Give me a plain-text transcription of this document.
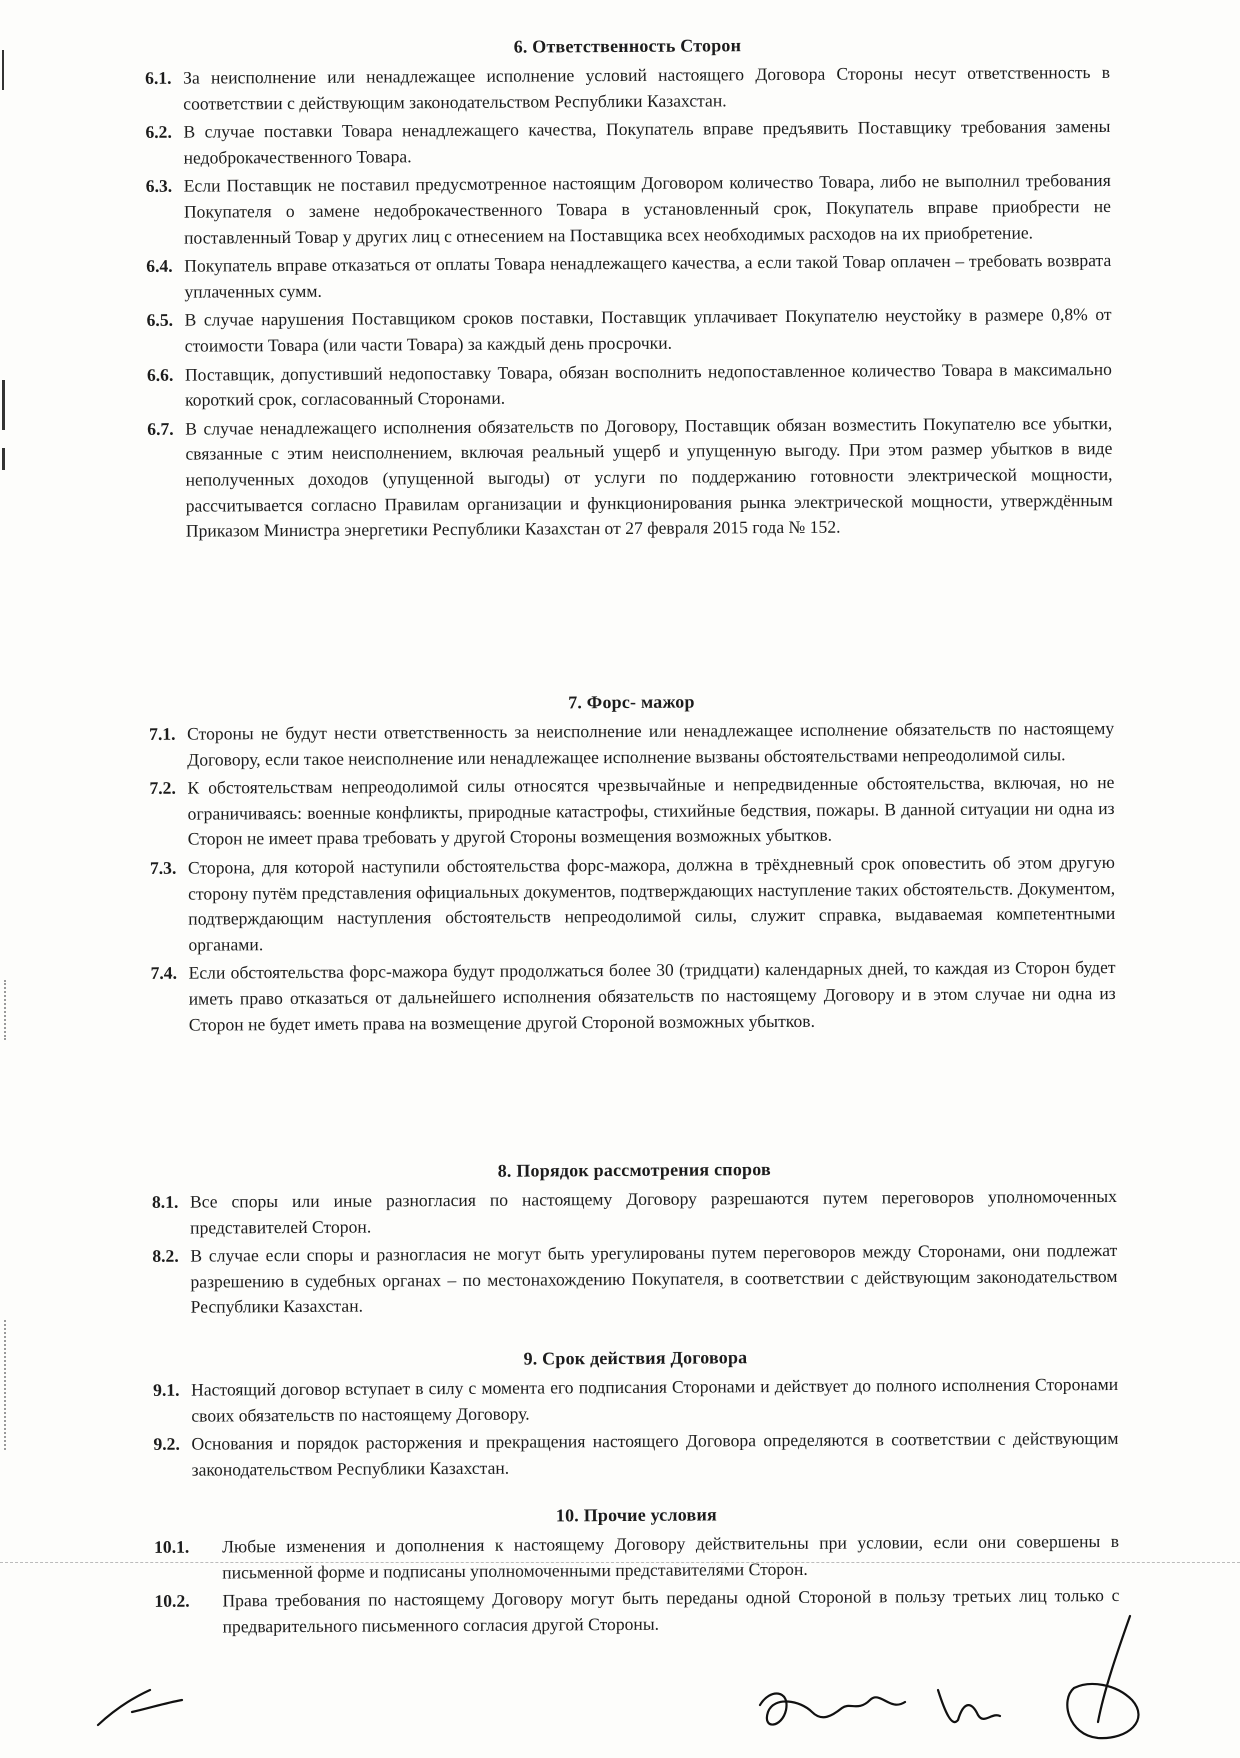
6. Ответственность Сторон
6.1. За неисполнение или ненадлежащее исполнение условий настоящего Договора Стороны несут ответственность в соответствии с действующим законодательством Республики Казахстан.
6.2. В случае поставки Товара ненадлежащего качества, Покупатель вправе предъявить Поставщику требования замены недоброкачественного Товара.
6.3. Если Поставщик не поставил предусмотренное настоящим Договором количество Товара, либо не выполнил требования Покупателя о замене недоброкачественного Товара в установленный срок, Покупатель вправе приобрести не поставленный Товар у других лиц с отнесением на Поставщика всех необходимых расходов на их приобретение.
6.4. Покупатель вправе отказаться от оплаты Товара ненадлежащего качества, а если такой Товар оплачен – требовать возврата уплаченных сумм.
6.5. В случае нарушения Поставщиком сроков поставки, Поставщик уплачивает Покупателю неустойку в размере 0,8% от стоимости Товара (или части Товара) за каждый день просрочки.
6.6. Поставщик, допустивший недопоставку Товара, обязан восполнить недопоставленное количество Товара в максимально короткий срок, согласованный Сторонами.
6.7. В случае ненадлежащего исполнения обязательств по Договору, Поставщик обязан возместить Покупателю все убытки, связанные с этим неисполнением, включая реальный ущерб и упущенную выгоду. При этом размер убытков в виде неполученных доходов (упущенной выгоды) от услуги по поддержанию готовности электрической мощности, рассчитывается согласно Правилам организации и функционирования рынка электрической мощности, утверждённым Приказом Министра энергетики Республики Казахстан от 27 февраля 2015 года № 152.
7. Форс- мажор
7.1. Стороны не будут нести ответственность за неисполнение или ненадлежащее исполнение обязательств по настоящему Договору, если такое неисполнение или ненадлежащее исполнение вызваны обстоятельствами непреодолимой силы.
7.2. К обстоятельствам непреодолимой силы относятся чрезвычайные и непредвиденные обстоятельства, включая, но не ограничиваясь: военные конфликты, природные катастрофы, стихийные бедствия, пожары. В данной ситуации ни одна из Сторон не имеет права требовать у другой Стороны возмещения возможных убытков.
7.3. Сторона, для которой наступили обстоятельства форс-мажора, должна в трёхдневный срок оповестить об этом другую сторону путём представления официальных документов, подтверждающих наступление таких обстоятельств. Документом, подтверждающим наступления обстоятельств непреодолимой силы, служит справка, выдаваемая компетентными органами.
7.4. Если обстоятельства форс-мажора будут продолжаться более 30 (тридцати) календарных дней, то каждая из Сторон будет иметь право отказаться от дальнейшего исполнения обязательств по настоящему Договору и в этом случае ни одна из Сторон не будет иметь права на возмещение другой Стороной возможных убытков.
8. Порядок рассмотрения споров
8.1. Все споры или иные разногласия по настоящему Договору разрешаются путем переговоров уполномоченных представителей Сторон.
8.2. В случае если споры и разногласия не могут быть урегулированы путем переговоров между Сторонами, они подлежат разрешению в судебных органах – по местонахождению Покупателя, в соответствии с действующим законодательством Республики Казахстан.
9. Срок действия Договора
9.1. Настоящий договор вступает в силу с момента его подписания Сторонами и действует до полного исполнения Сторонами своих обязательств по настоящему Договору.
9.2. Основания и порядок расторжения и прекращения настоящего Договора определяются в соответствии с действующим законодательством Республики Казахстан.
10. Прочие условия
10.1.	Любые изменения и дополнения к настоящему Договору действительны при условии, если они совершены в письменной форме и подписаны уполномоченными представителями Сторон.
10.2.	Права требования по настоящему Договору могут быть переданы одной Стороной в пользу третьих лиц только с предварительного письменного согласия другой Стороны.
